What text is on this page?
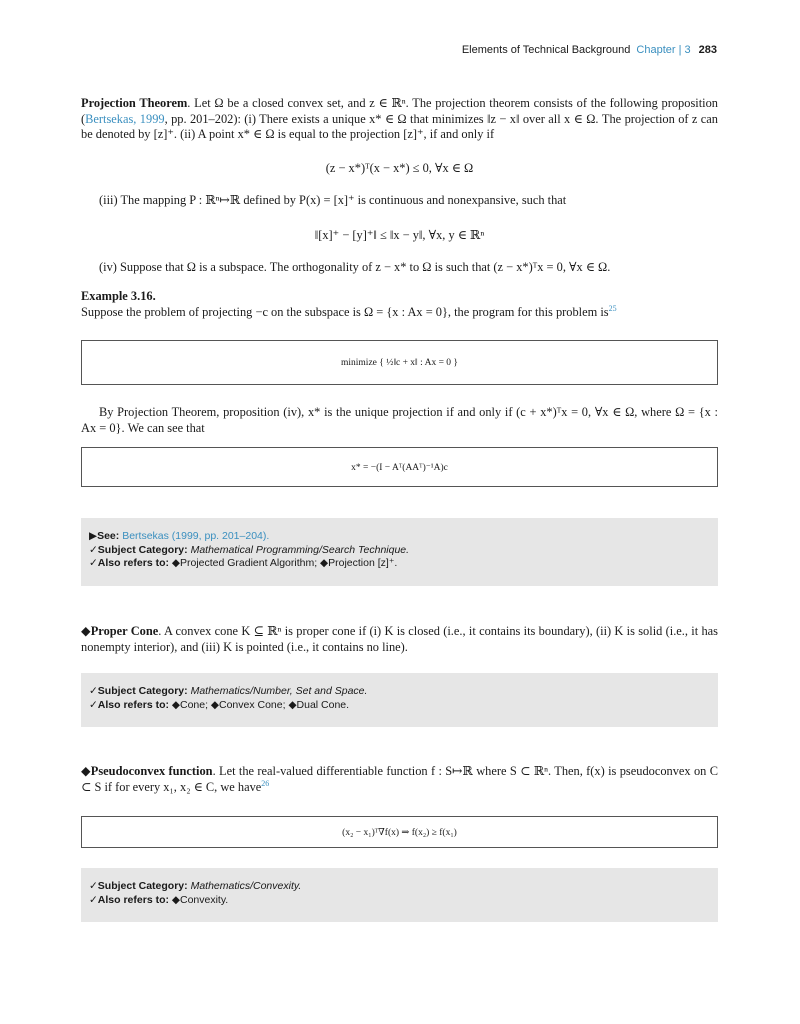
Elements of Technical Background Chapter | 3 283
Projection Theorem. Let Ω be a closed convex set, and z ∈ ℝⁿ. The projection theorem consists of the following proposition (Bertsekas, 1999, pp. 201–202): (i) There exists a unique x* ∈ Ω that minimizes ‖z − x‖ over all x ∈ Ω. The projection of z can be denoted by [z]⁺. (ii) A point x* ∈ Ω is equal to the projection [z]⁺, if and only if
(z − x*)ᵀ(x − x*) ≤ 0, ∀x ∈ Ω
(iii) The mapping P : ℝⁿ↦ℝ defined by P(x) = [x]⁺ is continuous and nonexpansive, such that
‖[x]⁺ − [y]⁺‖ ≤ ‖x − y‖, ∀x, y ∈ ℝⁿ
(iv) Suppose that Ω is a subspace. The orthogonality of z − x* to Ω is such that (z − x*)ᵀx = 0, ∀x ∈ Ω.
Example 3.16.
Suppose the problem of projecting −c on the subspace is Ω = {x : Ax = 0}, the program for this problem $is^{25}$
minimize { ½‖c + x‖ : Ax = 0 }
By Projection Theorem, proposition (iv), x* is the unique projection if and only if (c + x*)ᵀx = 0, ∀x ∈ Ω, where Ω = {x : Ax = 0}. We can see that
x* = −(I − Aᵀ(AAᵀ)⁻¹A)c
▶See: Bertsekas (1999, pp. 201–204).
✓Subject Category: Mathematical Programming/Search Technique.
✓Also refers to: ◆Projected Gradient Algorithm; ◆Projection [z]⁺.
◆Proper Cone. A convex cone K ⊆ ℝⁿ is proper cone if (i) K is closed (i.e., it contains its boundary), (ii) K is solid (i.e., it has nonempty interior), and (iii) K is pointed (i.e., it contains no line).
✓Subject Category: Mathematics/Number, Set and Space.
✓Also refers to: ◆Cone; ◆Convex Cone; ◆Dual Cone.
◆Pseudoconvex function. Let the real-valued differentiable function f : S↦ℝ where S ⊂ ℝⁿ. Then, f(x) is pseudoconvex on C ⊂ S if for every x₁, x₂ ∈ C, we have$^{26}$
(x₂ − x₁)ᵀ∇f(x) ⇒ f(x₂) ≥ f(x₁)
✓Subject Category: Mathematics/Convexity.
✓Also refers to: ◆Convexity.
